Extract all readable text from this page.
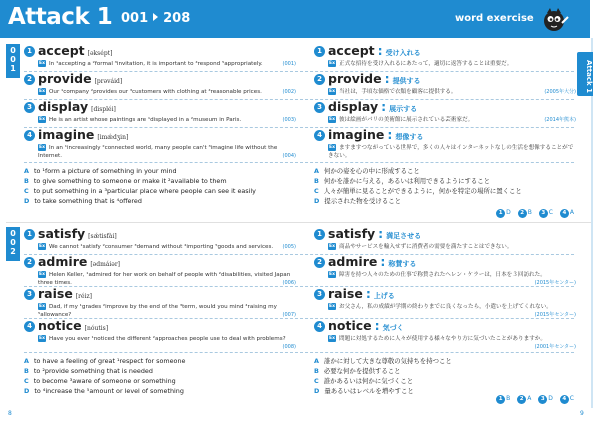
Attack 1 001 208	word exercise
Attack 1
0
0
1
1 accept [əksépt]
Ex In ¹accepting a ²formal ³invitation, it is important to ⁴respond ⁵appropriately.	(001)
1 accept : 受け入れる
Ex 正式な招待を受け入れるにあたって，適切に返答することは重要だ。
2 provide [prəváid]
Ex Our ¹company ²provides our ³customers with clothing at ⁴reasonable prices.	(002)
2 provide : 提供する
Ex 当社は，手頃な価格で衣類を顧客に提供する。	(2005年大分)
3 display [displéi]
Ex He is an artist whose paintings are ¹displayed in a ²museum in Paris.	(003)
3 display : 展示する
Ex 彼は絵画がパリの美術館に展示されている芸術家だ。	(2014年熊本)
4 imagine [imǽdʒin]
Ex In an ¹increasingly ²connected world, many people can't ³imagine life without the Internet.	(004)
4 imagine : 想像する
Ex ますますつながっている世界で，多くの人々はインターネットなしの生活を想像することができない。
A to ¹form a picture of something in your mind
B to give something to someone or make it ²available to them
C to put something in a ³particular place where people can see it easily
D to take something that is ⁴offered
A 何かの姿を心の中に形成すること
B 何かを誰かに与える，あるいは利用できるようにすること
C 人々が簡単に見ることができるように，何かを特定の場所に置くこと
D 提示された物を受けること
1 D 2 B 3 C 4 A
0
0
2
1 satisfy [sǽtisfài]
Ex We cannot ¹satisfy ²consumer ³demand without ⁴importing ⁵goods and services. (005)
1 satisfy : 満足させる
Ex 商品やサービスを輸入せずに消費者の需要を満たすことはできない。
2 admire [ədmáiər]
Ex Helen Keller, ¹admired for her work on behalf of people with ²disabilities, visited Japan three times.	(006)
2 admire : 称賛する
Ex 障害を持つ人々のための仕事で称賛されたヘレン・ケラーは，日本を３回訪れた。
(2015年センター)
3 raise [réiz]
Ex Dad, if my ¹grades ²improve by the end of the ³term, would you mind ⁴raising my ⁵allowance?	(007)
3 raise : 上げる
Ex お父さん，私の成績が学期の終わりまでに良くなったら，小遣いを上げてくれない。
(2015年センター)
4 notice [nóutis]
Ex Have you ever ¹noticed the different ²approaches people use to deal with problems?
(008)
4 notice : 気づく
Ex 問題に対処するために人々が使用する様々なやり方に気づいたことがありますか。
(2001年センター)
A to have a feeling of great ¹respect for someone
B to ²provide something that is needed
C to become ³aware of someone or something
D to ⁴increase the ⁵amount or level of something
A 誰かに対して大きな尊敬の気持ちを持つこと
B 必要な何かを提供すること
C 誰かあるいは何かに気づくこと
D 量あるいはレベルを増やすこと
1 B 2 A 3 D 4 C
8	9
